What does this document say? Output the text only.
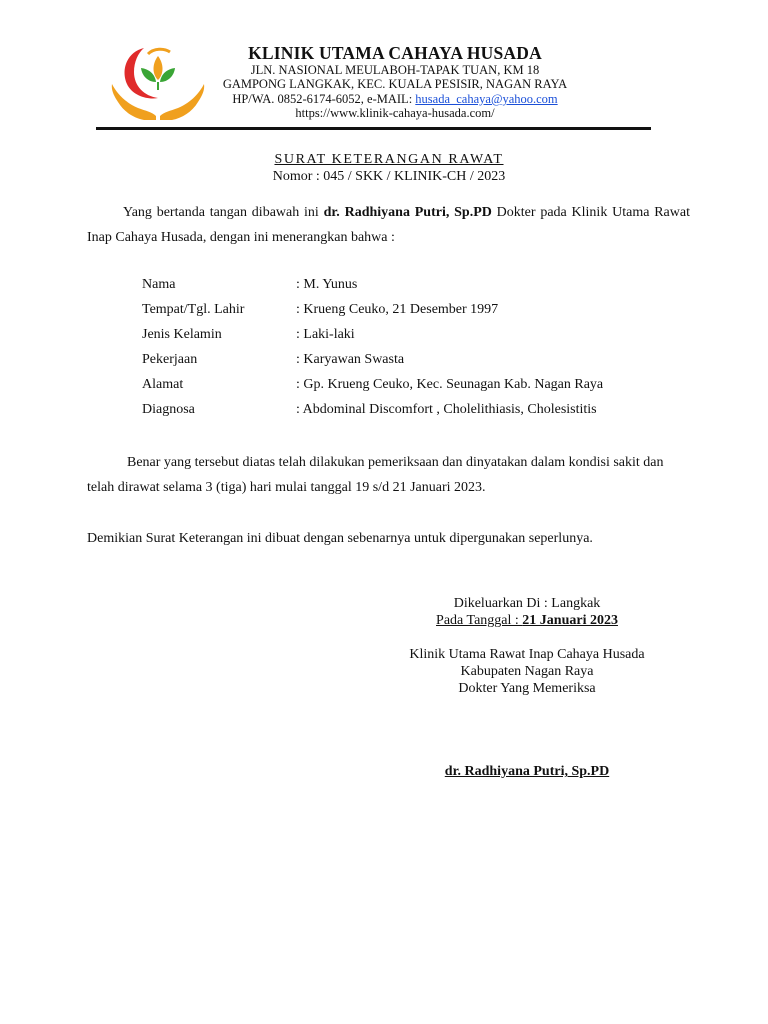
KLINIK UTAMA CAHAYA HUSADA
JLN. NASIONAL MEULABOH-TAPAK TUAN, KM 18
GAMPONG LANGKAK, KEC. KUALA PESISIR, NAGAN RAYA
HP/WA. 0852-6174-6052, e-MAIL: husada_cahaya@yahoo.com
https://www.klinik-cahaya-husada.com/
SURAT KETERANGAN RAWAT
Nomor : 045 / SKK / KLINIK-CH / 2023
Yang bertanda tangan dibawah ini dr. Radhiyana Putri, Sp.PD Dokter pada Klinik Utama Rawat Inap Cahaya Husada, dengan ini menerangkan bahwa :
Nama	: M. Yunus
Tempat/Tgl. Lahir	: Krueng Ceuko, 21 Desember 1997
Jenis Kelamin	: Laki-laki
Pekerjaan	: Karyawan Swasta
Alamat	: Gp. Krueng Ceuko, Kec. Seunagan Kab. Nagan Raya
Diagnosa	: Abdominal Discomfort , Cholelithiasis, Cholesistitis
Benar yang tersebut diatas telah dilakukan pemeriksaan dan dinyatakan dalam kondisi sakit dan telah dirawat selama 3 (tiga) hari mulai tanggal 19 s/d 21 Januari 2023.
Demikian Surat Keterangan ini dibuat dengan sebenarnya untuk dipergunakan seperlunya.
Dikeluarkan Di : Langkak
Pada Tanggal : 21 Januari 2023
Klinik Utama Rawat Inap Cahaya Husada
Kabupaten Nagan Raya
Dokter Yang Memeriksa
dr. Radhiyana Putri, Sp.PD
